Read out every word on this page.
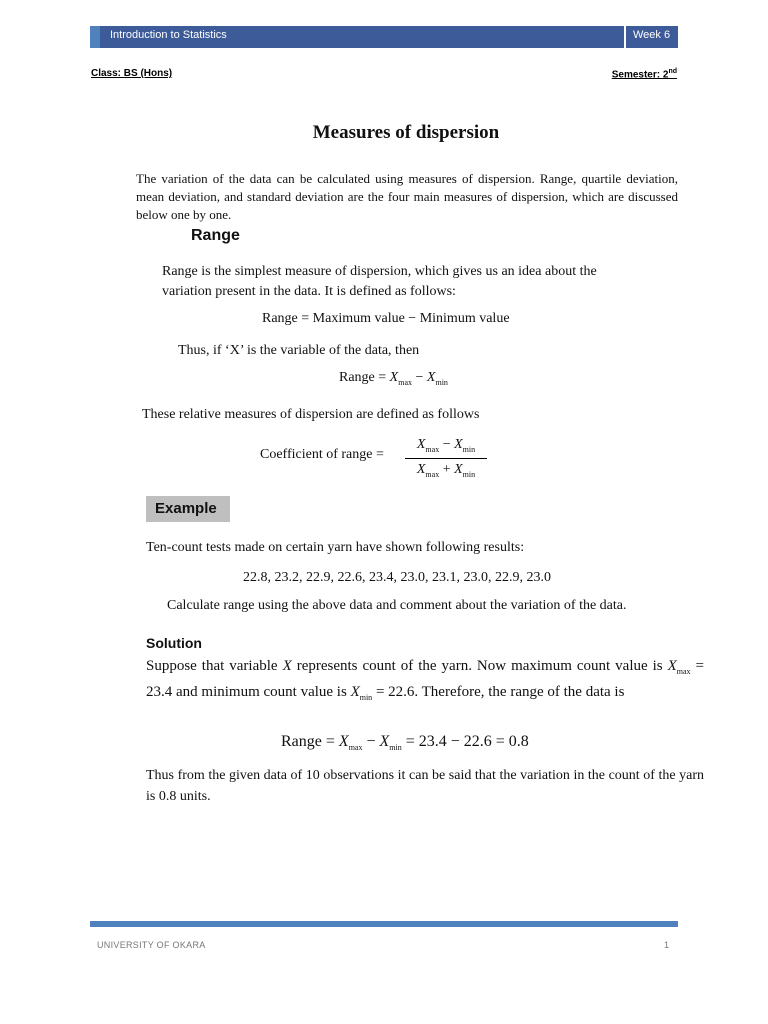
Introduction to Statistics	Week 6
Class: BS (Hons)	Semester: 2nd
Measures of dispersion
The variation of the data can be calculated using measures of dispersion. Range, quartile deviation, mean deviation, and standard deviation are the four main measures of dispersion, which are discussed below one by one.
Range
Range is the simplest measure of dispersion, which gives us an idea about the variation present in the data. It is defined as follows:
Range = Maximum value − Minimum value
Thus, if ‘X’ is the variable of the data, then
Range = $X_{max} - X_{min}$
These relative measures of dispersion are defined as follows
Coefficient of range =
$X_{max} - X_{min}$
$X_{max} + X_{min}$
Example
Ten-count tests made on certain yarn have shown following results:
22.8, 23.2, 22.9, 22.6, 23.4, 23.0, 23.1, 23.0, 22.9, 23.0
Calculate range using the above data and comment about the variation of the data.
Solution
Suppose that variable X represents count of the yarn. Now maximum count value is $X_{max} = 23.4$ and minimum count value is $X_{min} = 22.6$. Therefore, the range of the data is
Range = $X_{max} - X_{min} = 23.4 - 22.6 = 0.8$
Thus from the given data of 10 observations it can be said that the variation in the count of the yarn is 0.8 units.
UNIVERSITY OF OKARA	1
